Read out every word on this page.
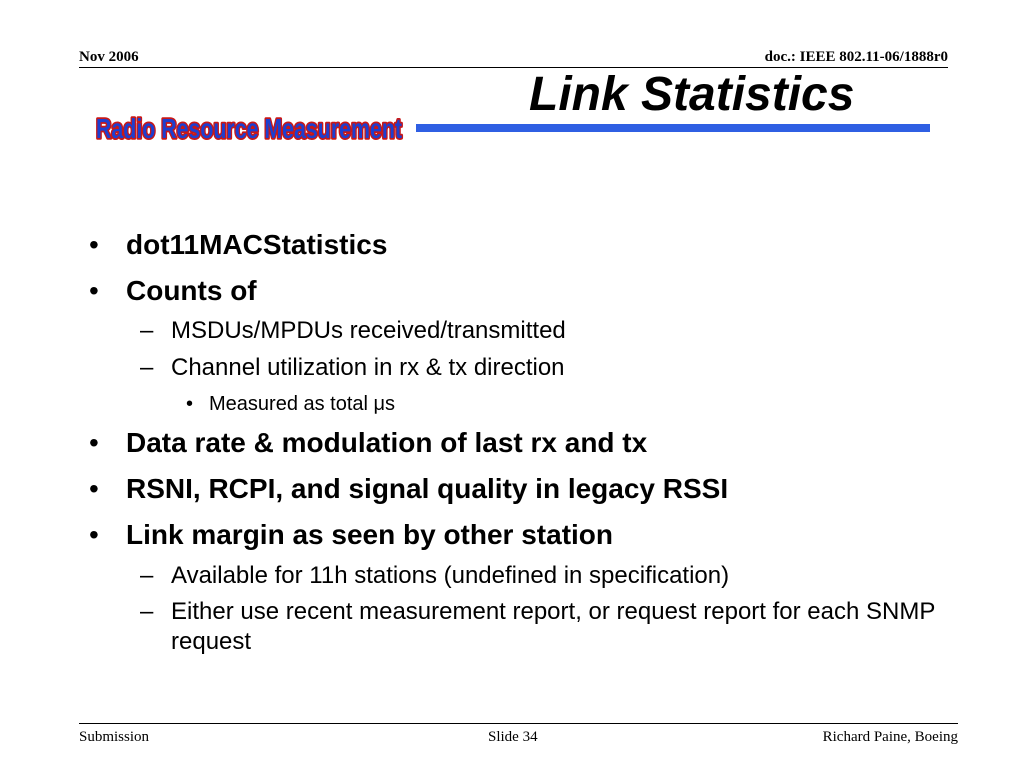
Nov 2006	doc.: IEEE 802.11-06/1888r0
Link Statistics
Radio Resource Measurement
• dot11MACStatistics
• Counts of
– MSDUs/MPDUs received/transmitted
– Channel utilization in rx & tx direction
• Measured as total μs
• Data rate & modulation of last rx and tx
• RSNI, RCPI, and signal quality in legacy RSSI
• Link margin as seen by other station
– Available for 11h stations (undefined in specification)
– Either use recent measurement report, or request report for each SNMP request
Submission	Slide 34	Richard Paine, Boeing
